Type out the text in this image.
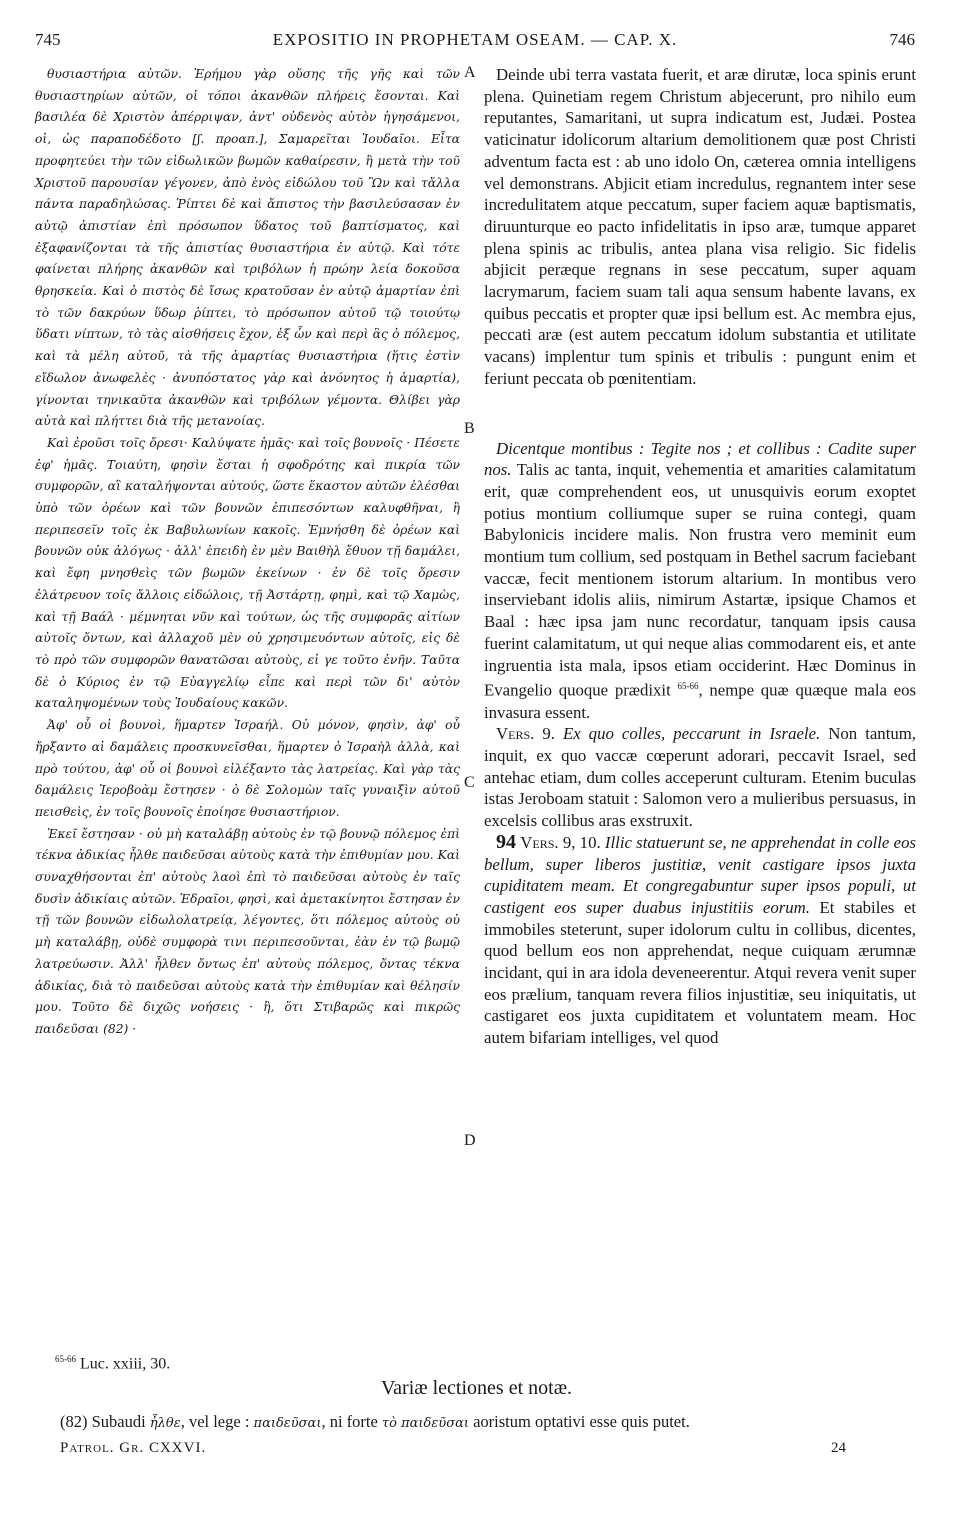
745	EXPOSITIO IN PROPHETAM OSEAM. — CAP. X.	746

θυσιαστήρια αὐτῶν. Ἐρήμου γὰρ οὔσης τῆς γῆς καὶ τῶν θυσιαστηρίων αὐτῶν, οἱ τόποι ἀκανθῶν πλήρεις ἔσονται. Καὶ βασιλέα δὲ Χριστὸν ἀπέρριψαν, ἀντ' οὐδενὸς αὐτὸν ἡγησάμενοι, οἱ, ὡς παραποδέδοτο [ʃ. προαπ.], Σαμαρεῖται Ἰουδαῖοι. Εἶτα προφητεύει τὴν τῶν εἰδωλικῶν βωμῶν καθαίρεσιν, ἣ μετὰ τὴν τοῦ Χριστοῦ παρουσίαν γέγονεν, ἀπὸ ἑνὸς εἰδώλου τοῦ Ὢν καὶ τἄλλα πάντα παραδηλώσας. Ῥίπτει δὲ καὶ ἄπιστος τὴν βασιλεύσασαν ἐν αὐτῷ ἀπιστίαν ἐπὶ πρόσωπον ὕδατος τοῦ βαπτίσματος, καὶ ἐξαφανίζονται τὰ τῆς ἀπιστίας θυσιαστήρια ἐν αὐτῷ. Καὶ τότε φαίνεται πλήρης ἀκανθῶν καὶ τριβόλων ἡ πρώην λεία δοκοῦσα θρησκεία. Καὶ ὁ πιστὸς δὲ ἴσως κρατοῦσαν ἐν αὐτῷ ἁμαρτίαν ἐπὶ τὸ τῶν δακρύων ὕδωρ ῥίπτει, τὸ πρόσωπον αὐτοῦ τῷ τοιούτῳ ὕδατι νίπτων, τὸ τὰς αἰσθήσεις ἔχον, ἐξ ὧν καὶ περὶ ἃς ὁ πόλεμος, καὶ τὰ μέλη αὐτοῦ, τὰ τῆς ἁμαρτίας θυσιαστήρια (ἥτις ἐστὶν εἴδωλον ἀνωφελὲς · ἀνυπόστατος γὰρ καὶ ἀνόνητος ἡ ἁμαρτία), γίνονται τηνικαῦτα ἀκανθῶν καὶ τριβόλων γέμοντα. Θλίβει γὰρ αὐτὰ καὶ πλήττει διὰ τῆς μετανοίας.

Καὶ ἐροῦσι τοῖς ὄρεσι· Καλύψατε ἡμᾶς· καὶ τοῖς βουνοῖς · Πέσετε ἐφ' ἡμᾶς. Τοιαύτη, φησὶν ἔσται ἡ σφοδρότης καὶ πικρία τῶν συμφορῶν, αἳ καταλήψονται αὐτούς, ὥστε ἕκαστον αὐτῶν ἑλέσθαι ὑπὸ τῶν ὀρέων καὶ τῶν βουνῶν ἐπιπεσόντων καλυφθῆναι, ἢ περιπεσεῖν τοῖς ἐκ Βαβυλωνίων κακοῖς. Ἐμνήσθη δὲ ὀρέων καὶ βουνῶν οὐκ ἀλόγως · ἀλλ' ἐπειδὴ ἐν μὲν Βαιθὴλ ἔθυον τῇ δαμάλει, καὶ ἔφη μνησθεὶς τῶν βωμῶν ἐκείνων · ἐν δὲ τοῖς ὄρεσιν ἐλάτρευον τοῖς ἄλλοις εἰδώλοις, τῇ Ἀστάρτῃ, φημὶ, καὶ τῷ Χαμὼς, καὶ τῇ Βαάλ · μέμνηται νῦν καὶ τούτων, ὡς τῆς συμφορᾶς αἰτίων αὐτοῖς ὄντων, καὶ ἀλλαχοῦ μὲν οὐ χρησιμευόντων αὐτοῖς, εἰς δὲ τὸ πρὸ τῶν συμφορῶν θανατῶσαι αὐτοὺς, εἰ γε τοῦτο ἐνῆν. Ταῦτα δὲ ὁ Κύριος ἐν τῷ Εὐαγγελίῳ εἶπε καὶ περὶ τῶν δι' αὐτὸν καταληψομένων τοὺς Ἰουδαίους κακῶν.

Ἀφ' οὗ οἱ βουνοὶ, ἥμαρτεν Ἰσραήλ. Οὐ μόνον, φησὶν, ἀφ' οὗ ἤρξαντο αἱ δαμάλεις προσκυνεῖσθαι, ἥμαρτεν ὁ Ἰσραὴλ ἀλλὰ, καὶ πρὸ τούτου, ἀφ' οὗ οἱ βουνοὶ εἰλέξαντο τὰς λατρείας. Καὶ γὰρ τὰς δαμάλεις Ἱεροβοὰμ ἔστησεν · ὁ δὲ Σολομὼν ταῖς γυναιξὶν αὐτοῦ πεισθεὶς, ἐν τοῖς βουνοῖς ἐποίησε θυσιαστήριον.

Ἐκεῖ ἔστησαν · οὐ μὴ καταλάβῃ αὐτοὺς ἐν τῷ βουνῷ πόλεμος ἐπὶ τέκνα ἀδικίας ἦλθε παιδεῦσαι αὐτοὺς κατὰ τὴν ἐπιθυμίαν μου. Καὶ συναχθήσονται ἐπ' αὐτοὺς λαοὶ ἐπὶ τὸ παιδεῦσαι αὐτοὺς ἐν ταῖς δυσὶν ἀδικίαις αὐτῶν. Ἑδραῖοι, φησὶ, καὶ ἀμετακίνητοι ἔστησαν ἐν τῇ τῶν βουνῶν εἰδωλολατρείᾳ, λέγοντες, ὅτι πόλεμος αὐτοὺς οὐ μὴ καταλάβῃ, οὐδὲ συμφορὰ τινι περιπεσοῦνται, ἐὰν ἐν τῷ βωμῷ λατρεύωσιν. Ἀλλ' ἦλθεν ὄντως ἐπ' αὐτοὺς πόλεμος, ὄντας τέκνα ἀδικίας, διὰ τὸ παιδεῦσαι αὐτοὺς κατὰ τὴν ἐπιθυμίαν καὶ θέλησίν μου. Τοῦτο δὲ διχῶς νοήσεις · ἢ, ὅτι Στιβαρῶς καὶ πικρῶς παιδεῦσαι (82) ·

A
B
C
D

Deinde ubi terra vastata fuerit, et aræ dirutæ, loca spinis erunt plena. Quinetiam regem Christum abjecerunt, pro nihilo eum reputantes, Samaritani, ut supra indicatum est, Judæi. Postea vaticinatur idolicorum altarium demolitionem quæ post Christi adventum facta est : ab uno idolo On, cæterea omnia intelligens vel demonstrans. Abjicit etiam incredulus, regnantem inter sese incredulitatem atque peccatum, super faciem aquæ baptismatis, diruunturque eo pacto infidelitatis in ipso aræ, tumque apparet plena spinis ac tribulis, antea plana visa religio. Sic fidelis abjicit peræque regnans in sese peccatum, super aquam lacrymarum, faciem suam tali aqua sensum habente lavans, ex quibus peccatis et propter quæ ipsi bellum est. Ac membra ejus, peccati aræ (est autem peccatum idolum substantia et utilitate vacans) implentur tum spinis et tribulis : pungunt enim et feriunt peccata ob pœnitentiam.

Dicentque montibus : Tegite nos ; et collibus : Cadite super nos. Talis ac tanta, inquit, vehementia et amarities calamitatum erit, quæ comprehendent eos, ut unusquivis eorum exoptet potius montium colliumque super se ruina contegi, quam Babylonicis incidere malis. Non frustra vero meminit eum montium tum collium, sed postquam in Bethel sacrum faciebant vaccæ, fecit mentionem istorum altarium. In montibus vero inserviebant idolis aliis, nimirum Astartæ, ipsique Chamos et Baal : hæc ipsa jam nunc recordatur, tanquam ipsis causa fuerint calamitatum, ut qui neque alias commodarent eis, et ante ingruentia ista mala, ipsos etiam occiderint. Hæc Dominus in Evangelio quoque prædixit $^{65-66}$, nempe quæ quæque mala eos invasura essent.

Vers. 9. Ex quo colles, peccarunt in Israele. Non tantum, inquit, ex quo vaccæ cœperunt adorari, peccavit Israel, sed antehac etiam, dum colles acceperunt culturam. Etenim buculas istas Jeroboam statuit : Salomon vero a mulieribus persuasus, in excelsis collibus aras exstruxit.

94 Vers. 9, 10. Illic statuerunt se, ne apprehendat in colle eos bellum, super liberos justitiæ, venit castigare ipsos juxta cupiditatem meam. Et congregabuntur super ipsos populi, ut castigent eos super duabus injustitiis eorum. Et stabiles et immobiles steterunt, super idolorum cultu in collibus, dicentes, quod bellum eos non apprehendat, neque cuiquam ærumnæ incidant, qui in ara idola deveneerentur. Atqui revera venit super eos prælium, tanquam revera filios injustitiæ, seu iniquitatis, ut castigaret eos juxta cupiditatem et voluntatem meam. Hoc autem bifariam intelliges, vel quod

$^{65-66}$ Luc. xxiii, 30.
Variæ lectiones et notæ.
(82) Subaudi ἦλθε, vel lege : παιδεῦσαι, ni forte τὸ παιδεῦσαι aoristum optativi esse quis putet.
Patrol. Gr. CXXVI.	24
